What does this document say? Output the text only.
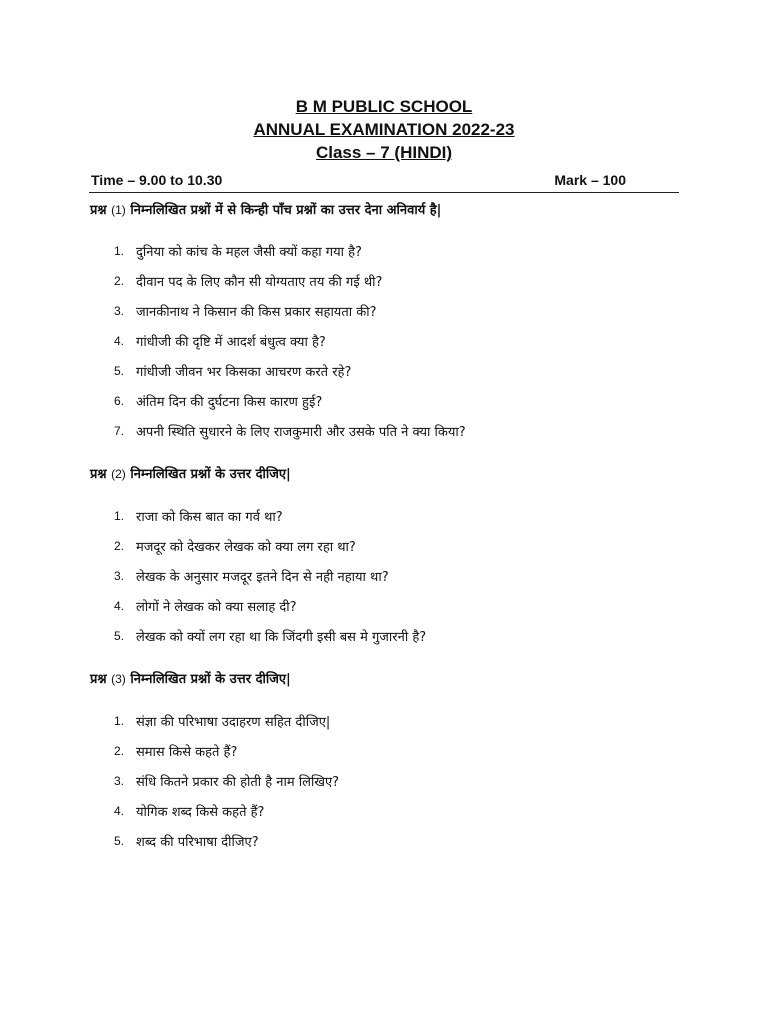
B M PUBLIC SCHOOL
ANNUAL EXAMINATION 2022-23
Class – 7 (HINDI)
Time – 9.00 to 10.30	Mark – 100
प्रश्न (1) निम्नलिखित प्रश्नों में से किन्ही पाँच प्रश्नों का उत्तर देना अनिवार्य है|
1. दुनिया को कांच के महल जैसी क्यों कहा गया है?
2. दीवान पद के लिए कौन सी योग्यताए तय की गई थी?
3. जानकीनाथ ने किसान की किस प्रकार सहायता की?
4. गांधीजी की दृष्टि में आदर्श बंधुत्व क्या है?
5. गांधीजी जीवन भर किसका आचरण करते रहे?
6. अंतिम दिन की दुर्घटना किस कारण हुई?
7. अपनी स्थिति सुधारने के लिए राजकुमारी और उसके पति ने क्या किया?
प्रश्न (2) निम्नलिखित प्रश्नों के उत्तर दीजिए|
1. राजा को किस बात का गर्व था?
2. मजदूर को देखकर लेखक को क्या लग रहा था?
3. लेखक के अनुसार मजदूर इतने दिन से नही नहाया था?
4. लोगों ने लेखक को क्या सलाह दी?
5. लेखक को क्यों लग रहा था कि जिंदगी इसी बस मे गुजारनी है?
प्रश्न (3) निम्नलिखित प्रश्नों के उत्तर दीजिए|
1. संज्ञा की परिभाषा उदाहरण सहित दीजिए|
2. समास किसे कहते हैं?
3. संधि कितने प्रकार की होती है नाम लिखिए?
4. योगिक शब्द किसे कहते हैं?
5. शब्द की परिभाषा दीजिए?
